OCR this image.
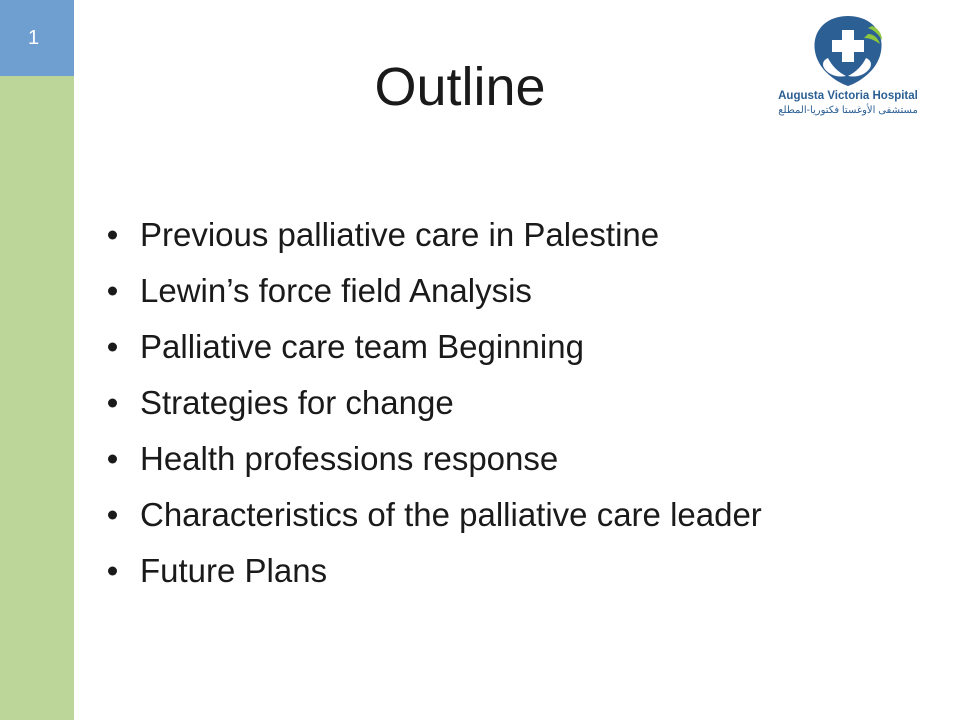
1
Augusta Victoria Hospital
مستشفى الأوغستا فكتوريا-المطلع
Outline
Previous palliative care in Palestine
Lewin’s force field Analysis
Palliative care team Beginning
Strategies for change
Health professions response
Characteristics of the palliative care leader
Future Plans
